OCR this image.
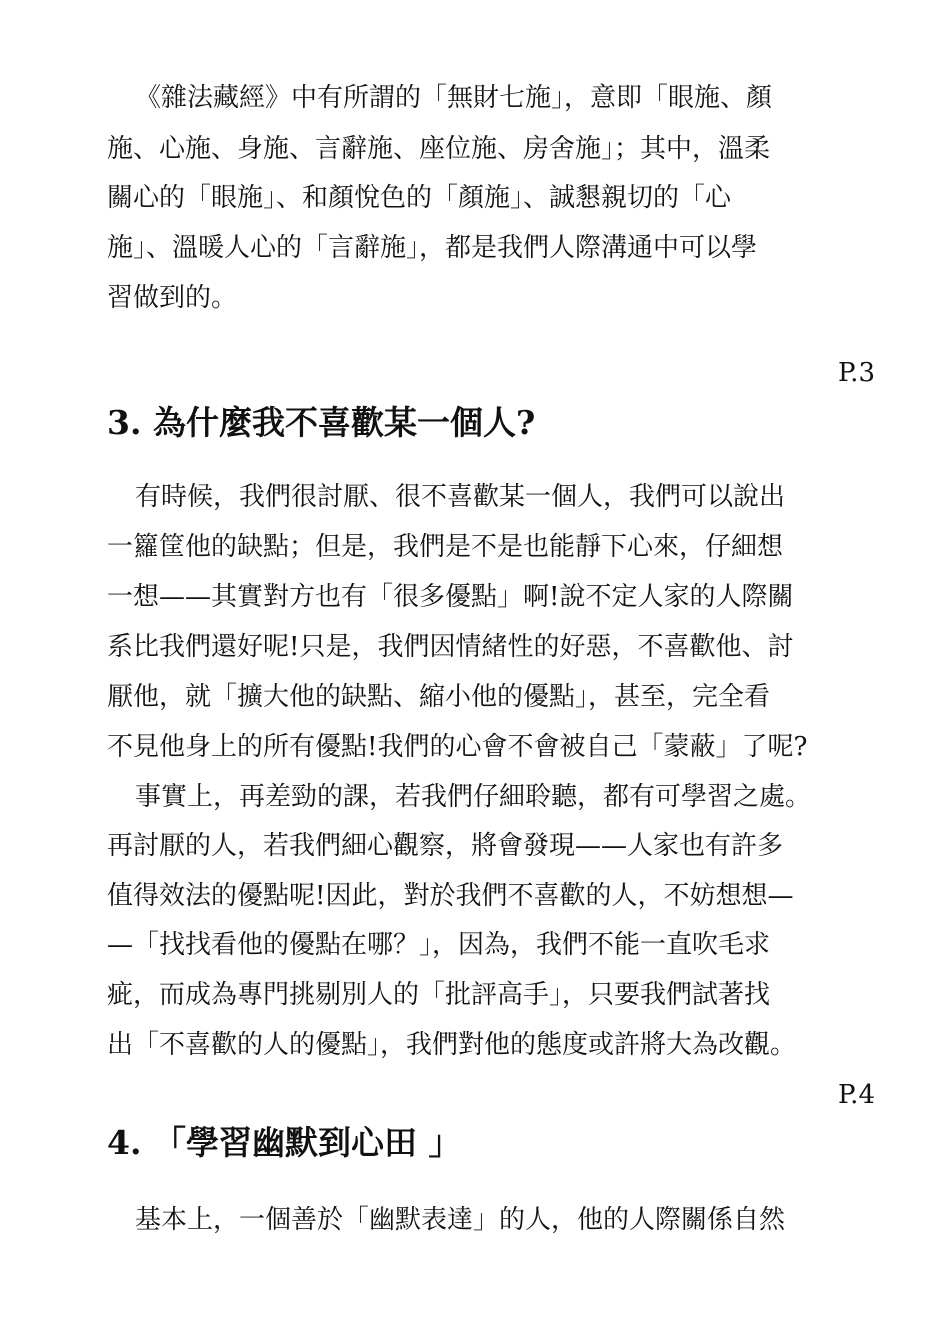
《雜法藏經》中有所謂的「無財七施」，意即「眼施、顏
施、心施、身施、言辭施、座位施、房舍施」；其中，溫柔
關心的「眼施」、和顏悅色的「顏施」、誠懇親切的「心
施」、溫暖人心的「言辭施」，都是我們人際溝通中可以學
習做到的。
P.3
3. 為什麼我不喜歡某一個人?
有時候，我們很討厭、很不喜歡某一個人，我們可以說出
一籮筐他的缺點；但是，我們是不是也能靜下心來，仔細想
一想——其實對方也有「很多優點」啊!說不定人家的人際關
系比我們還好呢!只是，我們因情緒性的好惡，不喜歡他、討
厭他，就「擴大他的缺點、縮小他的優點」，甚至，完全看
不見他身上的所有優點!我們的心會不會被自己「蒙蔽」了呢?
事實上，再差勁的課，若我們仔細聆聽，都有可學習之處。
再討厭的人，若我們細心觀察，將會發現——人家也有許多
值得效法的優點呢!因此，對於我們不喜歡的人，不妨想想—
—「找找看他的優點在哪？」，因為，我們不能一直吹毛求
疵，而成為專門挑剔別人的「批評高手」，只要我們試著找
出「不喜歡的人的優點」，我們對他的態度或許將大為改觀。
P.4
4. 「學習幽默到心田 」
基本上，一個善於「幽默表達」的人，他的人際關係自然
